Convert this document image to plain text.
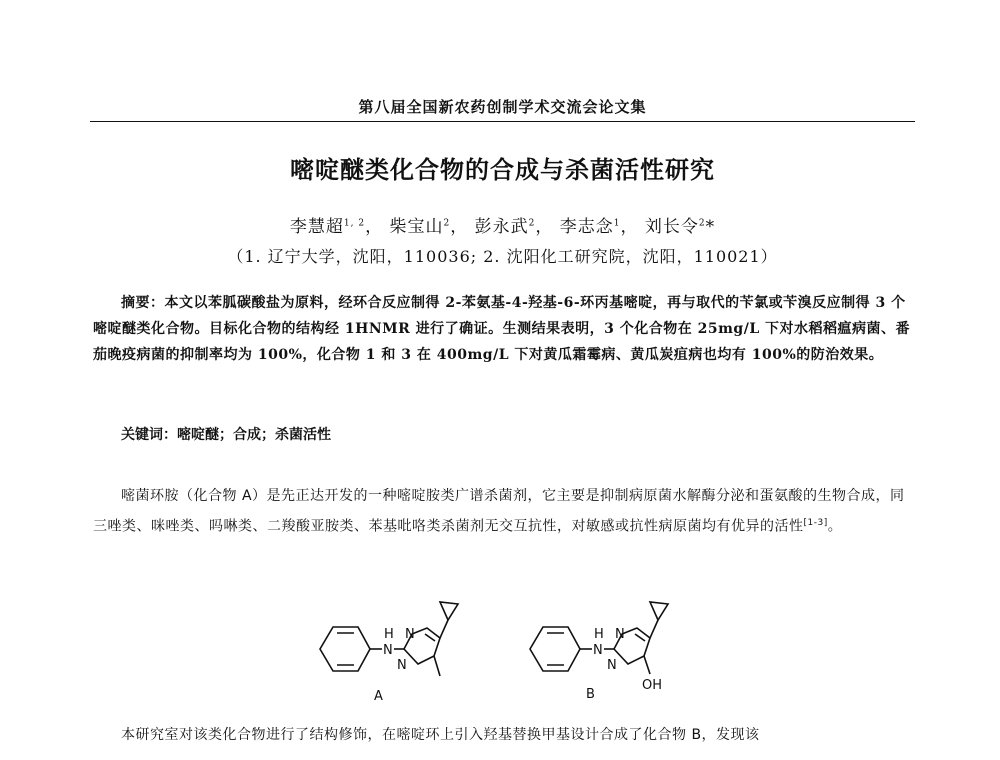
第八届全国新农药创制学术交流会论文集
嘧啶醚类化合物的合成与杀菌活性研究
李慧超$^{1, 2}$， 柴宝山$^2$， 彭永武$^2$， 李志念$^1$， 刘长令$^2$*
（1. 辽宁大学，沈阳，110036; 2. 沈阳化工研究院，沈阳，110021）

摘要：本文以苯胍碳酸盐为原料，经环合反应制得 2-苯氨基-4-羟基-6-环丙基嘧啶，再与取代的苄氯或苄溴反应制得 3 个嘧啶醚类化合物。目标化合物的结构经 1HNMR 进行了确证。生测结果表明，3 个化合物在 25mg/L 下对水稻稻瘟病菌、番茄晚疫病菌的抑制率均为 100%，化合物 1 和 3 在 400mg/L 下对黄瓜霜霉病、黄瓜炭疽病也均有 100%的防治效果。

关键词：嘧啶醚；合成；杀菌活性

嘧菌环胺（化合物 A）是先正达开发的一种嘧啶胺类广谱杀菌剂，它主要是抑制病原菌水解酶分泌和蛋氨酸的生物合成，同三唑类、咪唑类、吗啉类、二羧酸亚胺类、苯基吡咯类杀菌剂无交互抗性，对敏感或抗性病原菌均有优异的活性[1-3]。

H
N
N
N
A
H
N
N
N
OH
B

本研究室对该类化合物进行了结构修饰，在嘧啶环上引入羟基替换甲基设计合成了化合物 B，发现该
